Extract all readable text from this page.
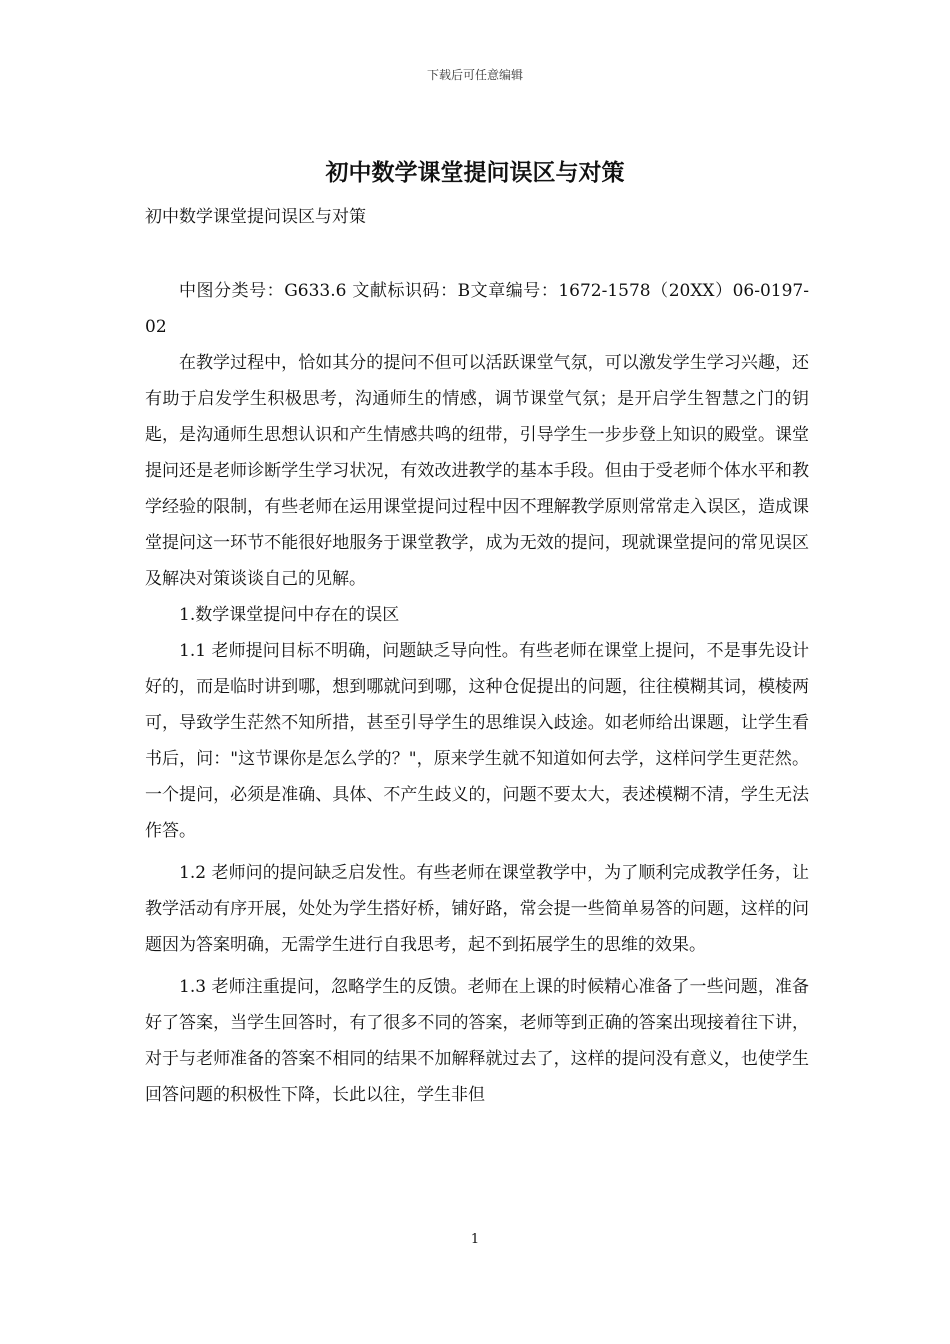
下载后可任意编辑
初中数学课堂提问误区与对策

初中数学课堂提问误区与对策

中图分类号：G633.6 文献标识码：B文章编号：1672-1578（20XX）06-0197-02

在教学过程中，恰如其分的提问不但可以活跃课堂气氛，可以激发学生学习兴趣，还有助于启发学生积极思考，沟通师生的情感，调节课堂气氛；是开启学生智慧之门的钥匙，是沟通师生思想认识和产生情感共鸣的纽带，引导学生一步步登上知识的殿堂。课堂提问还是老师诊断学生学习状况，有效改进教学的基本手段。但由于受老师个体水平和教学经验的限制，有些老师在运用课堂提问过程中因不理解教学原则常常走入误区，造成课堂提问这一环节不能很好地服务于课堂教学，成为无效的提问，现就课堂提问的常见误区及解决对策谈谈自己的见解。

1.数学课堂提问中存在的误区

1.1 老师提问目标不明确，问题缺乏导向性。有些老师在课堂上提问，不是事先设计好的，而是临时讲到哪，想到哪就问到哪，这种仓促提出的问题，往往模糊其词，模棱两可，导致学生茫然不知所措，甚至引导学生的思维误入歧途。如老师给出课题，让学生看书后，问："这节课你是怎么学的？"，原来学生就不知道如何去学，这样问学生更茫然。 一个提问，必须是准确、具体、不产生歧义的，问题不要太大，表述模糊不清，学生无法作答。

1.2 老师问的提问缺乏启发性。有些老师在课堂教学中，为了顺利完成教学任务，让教学活动有序开展，处处为学生搭好桥，铺好路，常会提一些简单易答的问题，这样的问题因为答案明确，无需学生进行自我思考，起不到拓展学生的思维的效果。

1.3 老师注重提问，忽略学生的反馈。老师在上课的时候精心准备了一些问题，准备好了答案，当学生回答时，有了很多不同的答案，老师等到正确的答案出现接着往下讲，对于与老师准备的答案不相同的结果不加解释就过去了，这样的提问没有意义，也使学生回答问题的积极性下降，长此以往，学生非但

1
